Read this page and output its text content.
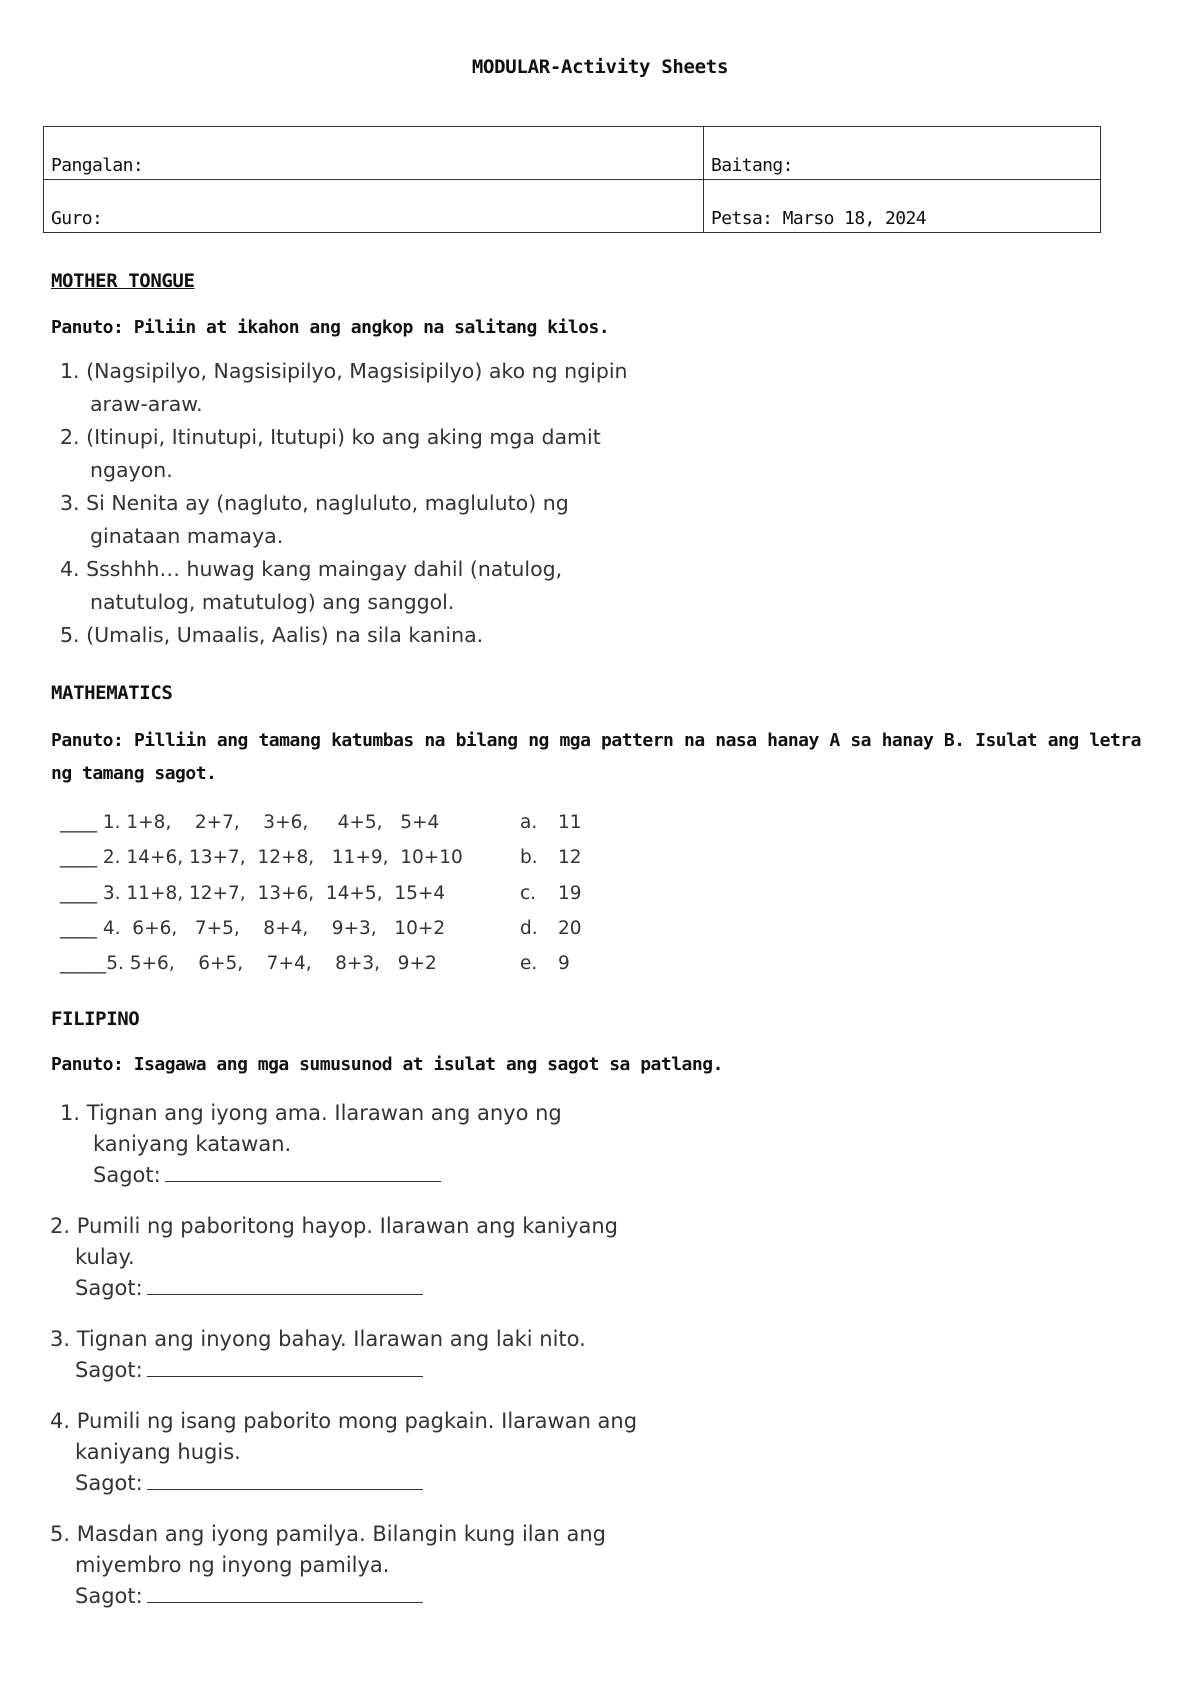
MODULAR-Activity Sheets
Pangalan:	Baitang:
Guro:	Petsa: Marso 18, 2024
MOTHER TONGUE
Panuto: Piliin at ikahon ang angkop na salitang kilos.
1. (Nagsipilyo, Nagsisipilyo, Magsisipilyo) ako ng ngipin
araw-araw.
2. (Itinupi, Itinutupi, Itutupi) ko ang aking mga damit
ngayon.
3. Si Nenita ay (nagluto, nagluluto, magluluto) ng
ginataan mamaya.
4. Ssshhh… huwag kang maingay dahil (natulog,
natutulog, matutulog) ang sanggol.
5. (Umalis, Umaalis, Aalis) na sila kanina.
MATHEMATICS
Panuto: Pilliin ang tamang katumbas na bilang ng mga pattern na nasa hanay A sa hanay B. Isulat ang letra ng tamang sagot.
____ 1. 1+8,    2+7,    3+6,     4+5,   5+4	a. 11
____ 2. 14+6, 13+7,  12+8,   11+9,  10+10	b. 12
____ 3. 11+8, 12+7,  13+6,  14+5,  15+4	c. 19
____ 4.  6+6,   7+5,    8+4,    9+3,   10+2	d. 20
_____5. 5+6,    6+5,    7+4,    8+3,   9+2	e. 9
FILIPINO
Panuto: Isagawa ang mga sumusunod at isulat ang sagot sa patlang.
1. Tignan ang iyong ama. Ilarawan ang anyo ng
kaniyang katawan.
Sagot:
2. Pumili ng paboritong hayop. Ilarawan ang kaniyang
kulay.
Sagot:
3. Tignan ang inyong bahay. Ilarawan ang laki nito.
Sagot:
4. Pumili ng isang paborito mong pagkain. Ilarawan ang
kaniyang hugis.
Sagot:
5. Masdan ang iyong pamilya. Bilangin kung ilan ang
miyembro ng inyong pamilya.
Sagot:
